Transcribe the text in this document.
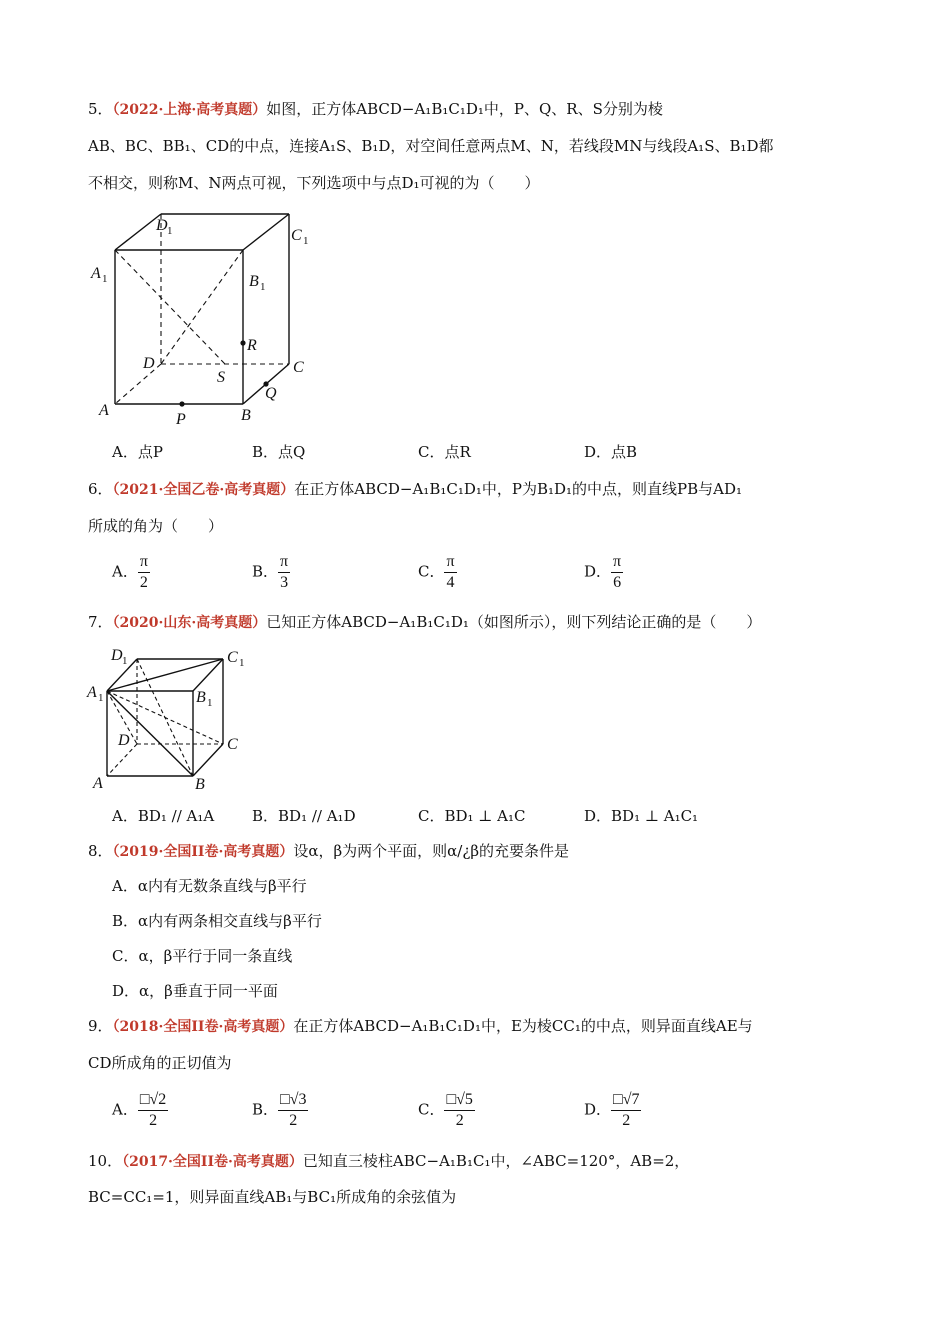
5．（2022·上海·高考真题）如图，正方体ABCD−A₁B₁C₁D₁中，P、Q、R、S分别为棱
AB、BC、BB₁、CD的中点，连接A₁S、B₁D，对空间任意两点M、N，若线段MN与线段A₁S、B₁D都
不相交，则称M、N两点可视，下列选项中与点D₁可视的为（　　）
D 1	C 1
A 1	B 1
R
D
S
C
Q
A
P	B
A．点P	B．点Q	C．点R	D．点B
6．（2021·全国乙卷·高考真题）在正方体ABCD−A₁B₁C₁D₁中，P为B₁D₁的中点，则直线PB与AD₁
所成的角为（　　）
A． $\frac{\pi}{2}$	B． $\frac{\pi}{3}$	C． $\frac{\pi}{4}$	D． $\frac{\pi}{6}$
7．（2020·山东·高考真题）已知正方体ABCD−A₁B₁C₁D₁（如图所示），则下列结论正确的是（　　）
D 1	C 1
A 1	B 1
D	C
A	B
A．BD₁ // A₁A	B．BD₁ // A₁D	C．BD₁ ⊥ A₁C	D．BD₁ ⊥ A₁C₁
8．（2019·全国II卷·高考真题）设α，β为两个平面，则α/¿β的充要条件是
A．α内有无数条直线与β平行
B．α内有两条相交直线与β平行
C．α，β平行于同一条直线
D．α，β垂直于同一平面
9．（2018·全国II卷·高考真题）在正方体ABCD−A₁B₁C₁D₁中，E为棱CC₁的中点，则异面直线AE与
CD所成角的正切值为
A． $\frac{□√2}{2}$	B． $\frac{□√3}{2}$	C． $\frac{□√5}{2}$	D． $\frac{□√7}{2}$
10．（2017·全国II卷·高考真题）已知直三棱柱ABC−A₁B₁C₁中，∠ABC=120°，AB=2，
BC=CC₁=1，则异面直线AB₁与BC₁所成角的余弦值为
